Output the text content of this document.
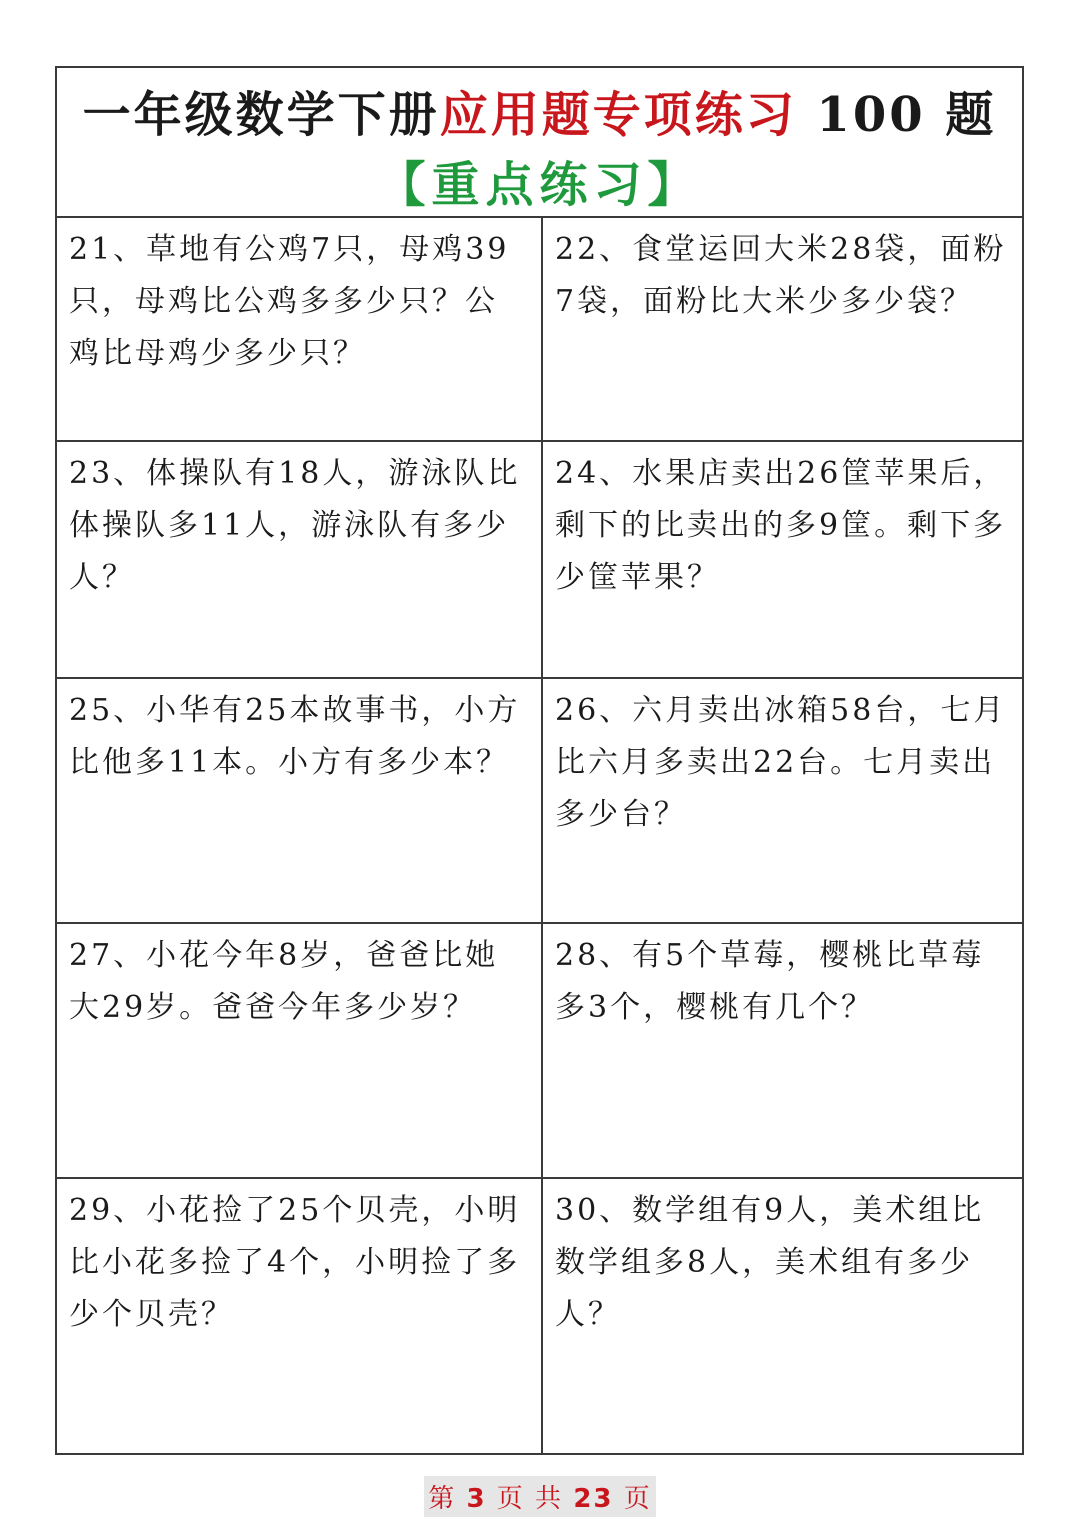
一年级数学下册应用题专项练习 100 题
【重点练习】
21、草地有公鸡7只，母鸡39只，母鸡比公鸡多多少只？公鸡比母鸡少多少只？
22、食堂运回大米28袋，面粉7袋，面粉比大米少多少袋？
23、体操队有18人，游泳队比体操队多11人，游泳队有多少人？
24、水果店卖出26筐苹果后，剩下的比卖出的多9筐。剩下多少筐苹果？
25、小华有25本故事书，小方比他多11本。小方有多少本？
26、六月卖出冰箱58台，七月比六月多卖出22台。七月卖出多少台？
27、小花今年8岁，爸爸比她大29岁。爸爸今年多少岁？
28、有5个草莓，樱桃比草莓多3个，樱桃有几个？
29、小花捡了25个贝壳，小明比小花多捡了4个，小明捡了多少个贝壳？
30、数学组有9人，美术组比数学组多8人，美术组有多少人？
第 3 页 共 23 页
